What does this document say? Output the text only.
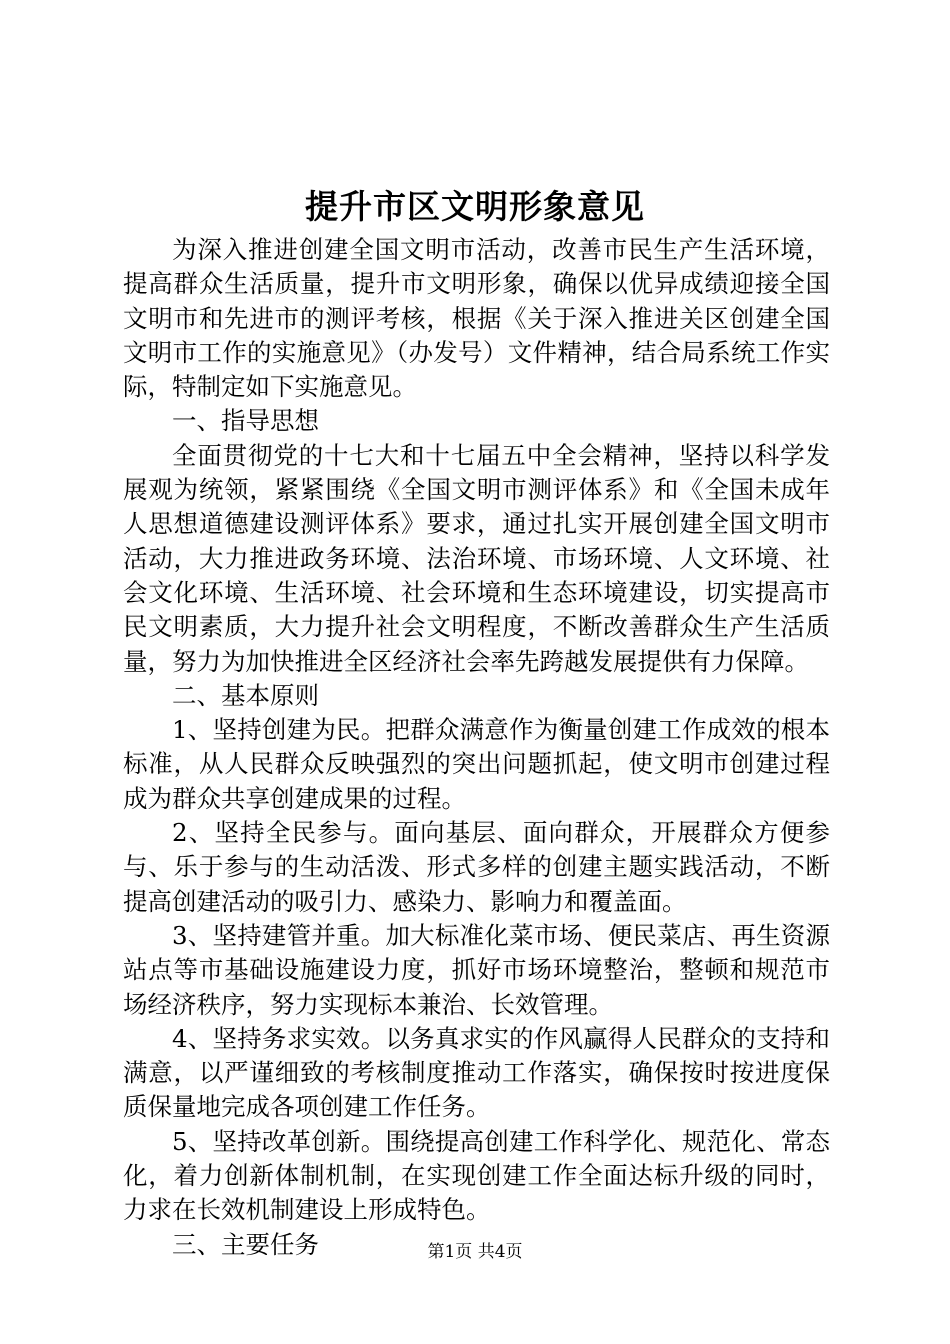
提升市区文明形象意见

为深入推进创建全国文明市活动，改善市民生产生活环境，提高群众生活质量，提升市文明形象，确保以优异成绩迎接全国文明市和先进市的测评考核，根据《关于深入推进关区创建全国文明市工作的实施意见》（办发号）文件精神，结合局系统工作实际，特制定如下实施意见。

一、指导思想

全面贯彻党的十七大和十七届五中全会精神，坚持以科学发展观为统领，紧紧围绕《全国文明市测评体系》和《全国未成年人思想道德建设测评体系》要求，通过扎实开展创建全国文明市活动，大力推进政务环境、法治环境、市场环境、人文环境、社会文化环境、生活环境、社会环境和生态环境建设，切实提高市民文明素质，大力提升社会文明程度，不断改善群众生产生活质量，努力为加快推进全区经济社会率先跨越发展提供有力保障。

二、基本原则

1、坚持创建为民。把群众满意作为衡量创建工作成效的根本标准，从人民群众反映强烈的突出问题抓起，使文明市创建过程成为群众共享创建成果的过程。

2、坚持全民参与。面向基层、面向群众，开展群众方便参与、乐于参与的生动活泼、形式多样的创建主题实践活动，不断提高创建活动的吸引力、感染力、影响力和覆盖面。

3、坚持建管并重。加大标准化菜市场、便民菜店、再生资源站点等市基础设施建设力度，抓好市场环境整治，整顿和规范市场经济秩序，努力实现标本兼治、长效管理。

4、坚持务求实效。以务真求实的作风赢得人民群众的支持和满意，以严谨细致的考核制度推动工作落实，确保按时按进度保质保量地完成各项创建工作任务。

5、坚持改革创新。围绕提高创建工作科学化、规范化、常态化，着力创新体制机制，在实现创建工作全面达标升级的同时，力求在长效机制建设上形成特色。

三、主要任务	第1页 共4页
